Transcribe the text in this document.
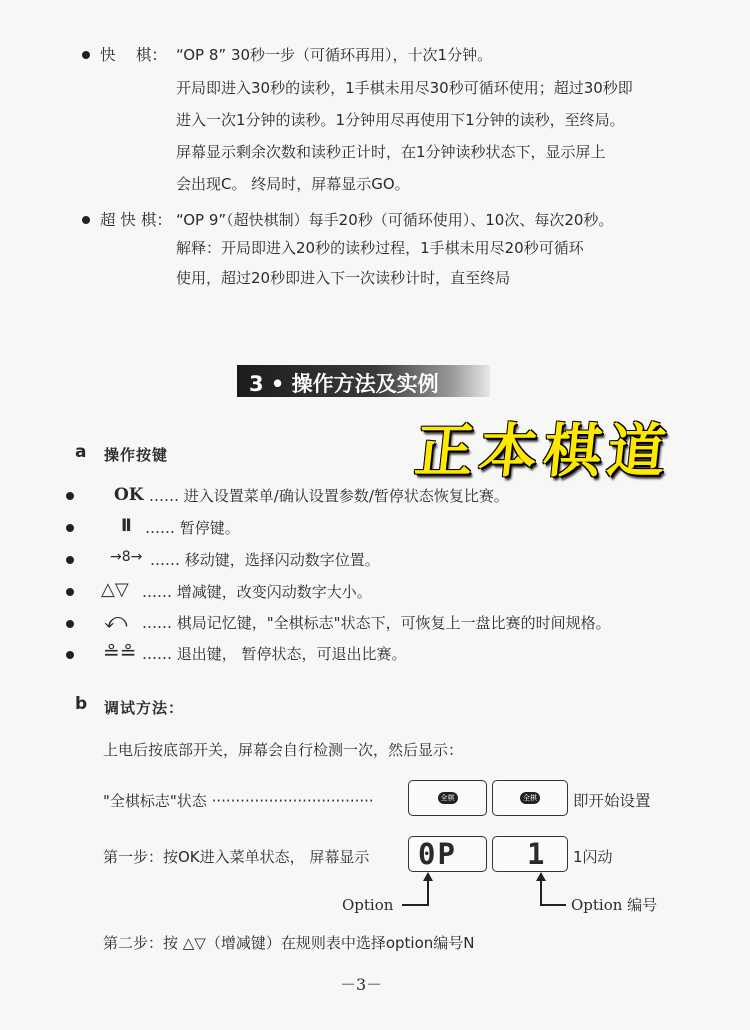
快　 棋： “OP 8” 30秒一步（可循环再用），十次1分钟。
开局即进入30秒的读秒，1手棋未用尽30秒可循环使用；超过30秒即
进入一次1分钟的读秒。1分钟用尽再使用下1分钟的读秒，至终局。
屏幕显示剩余次数和读秒正计时，在1分钟读秒状态下，显示屏上
会出现C。 终局时，屏幕显示GO。
超 快 棋： “OP 9”（超快棋制）每手20秒（可循环使用）、10次、每次20秒。
解释：开局即进入20秒的读秒过程，1手棋未用尽20秒可循环
使用，超过20秒即进入下一次读秒计时，直至终局
3 • 操作方法及实例
正本棋道
a 操作按键
OK …… 进入设置菜单/确认设置参数/暂停状态恢复比赛。
II …… 暂停键。
→8→ …… 移动键，选择闪动数字位置。
△▽ …… 增减键，改变闪动数字大小。
⤺ …… 棋局记忆键，"全棋标志"状态下，可恢复上一盘比赛的时间规格。
≗≗ …… 退出键， 暂停状态，可退出比赛。
b 调试方法：
上电后按底部开关，屏幕会自行检测一次，然后显示：
"全棋标志"状态 ··································	全棋	全棋 即开始设置
第一步：按OK进入菜单状态， 屏幕显示 0P 1 1闪动
Option	Option 编号
第二步：按 △▽（增减键）在规则表中选择option编号N
－3－
